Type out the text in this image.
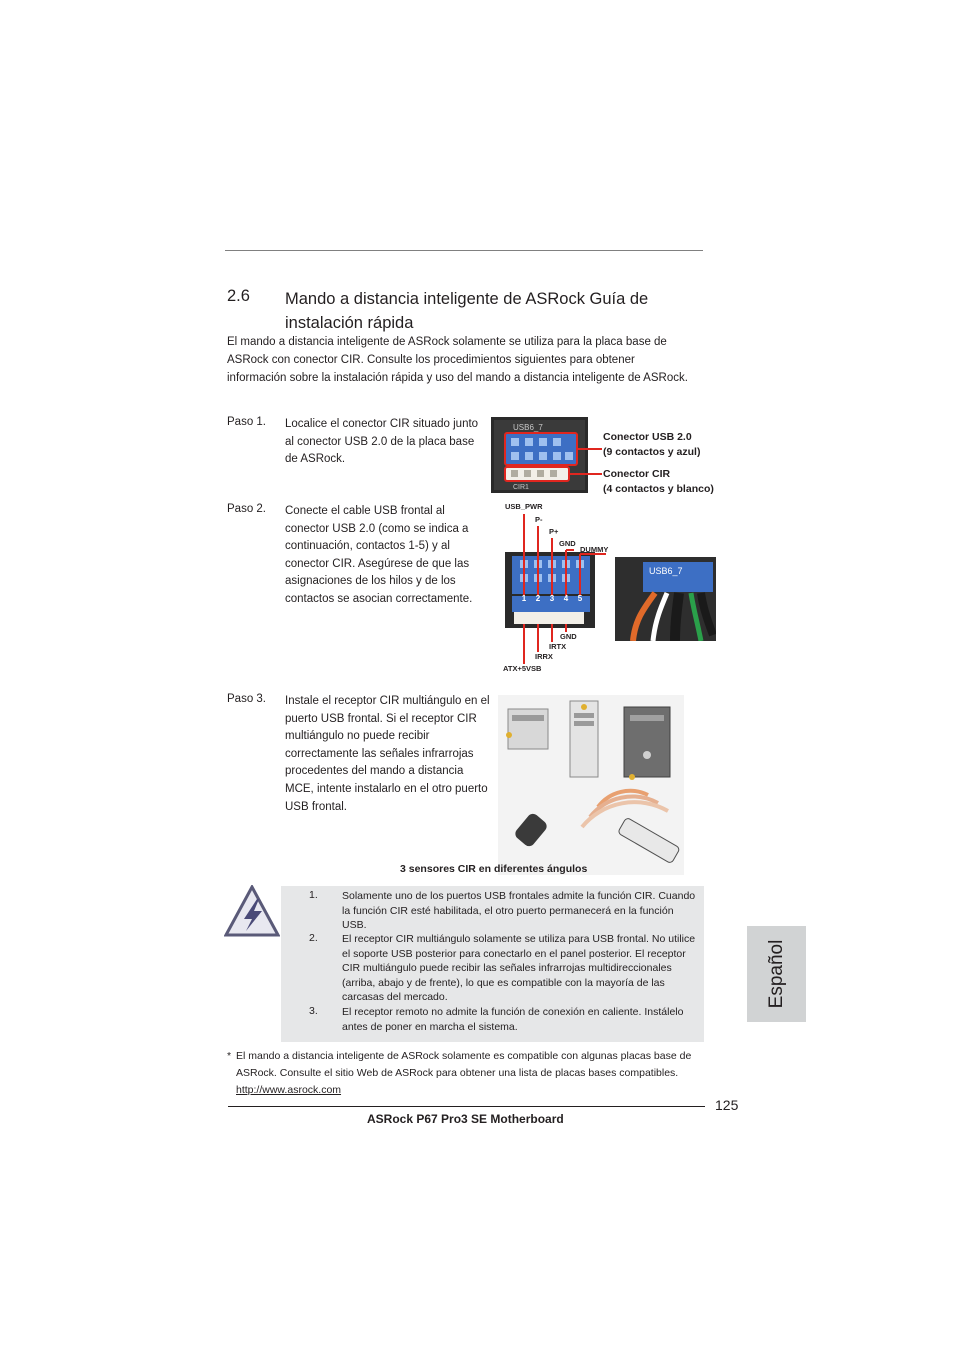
2.6 Mando a distancia inteligente de ASRock Guía de
instalación rápida
El mando a distancia inteligente de ASRock solamente se utiliza para la placa base de ASRock con conector CIR. Consulte los procedimientos siguientes para obtener información sobre la instalación rápida y uso del mando a distancia inteligente de ASRock.
Paso 1. Localice el conector CIR situado junto al conector USB 2.0 de la placa base de ASRock.
USB6_7
CIR1
Conector USB 2.0
(9 contactos y azul)
Conector CIR
(4 contactos y blanco)
Paso 2. Conecte el cable USB frontal al conector USB 2.0 (como se indica a continuación, contactos 1-5) y al conector CIR. Asegúrese de que las asignaciones de los hilos y de los contactos se asocian correctamente.	1 2 3 4 5
USB_PWR
P-
P+
GND
DUMMY
GND
IRTX
IRRX
ATX+5VSB
USB6_7
Paso 3. Instale el receptor CIR multiángulo en el puerto USB frontal. Si el receptor CIR multiángulo no puede recibir correctamente las señales infrarrojas procedentes del mando a distancia MCE, intente instalarlo en el otro puerto USB frontal.
3 sensores CIR en diferentes ángulos
1. Solamente uno de los puertos USB frontales admite la función CIR. Cuando la función CIR esté habilitada, el otro puerto permanecerá en la función USB.
2. El receptor CIR multiángulo solamente se utiliza para USB frontal. No utilice el soporte USB posterior para conectarlo en el panel posterior. El receptor CIR multiángulo puede recibir las señales infrarrojas multidireccionales (arriba, abajo y de frente), lo que es compatible con la mayoría de las carcasas del mercado.
3. El receptor remoto no admite la función de conexión en caliente. Instálelo antes de poner en marcha el sistema.
* El mando a distancia inteligente de ASRock solamente es compatible con algunas placas base de ASRock. Consulte el sitio Web de ASRock para obtener una lista de placas bases compatibles. http://www.asrock.com
125
ASRock P67 Pro3 SE Motherboard
Español
